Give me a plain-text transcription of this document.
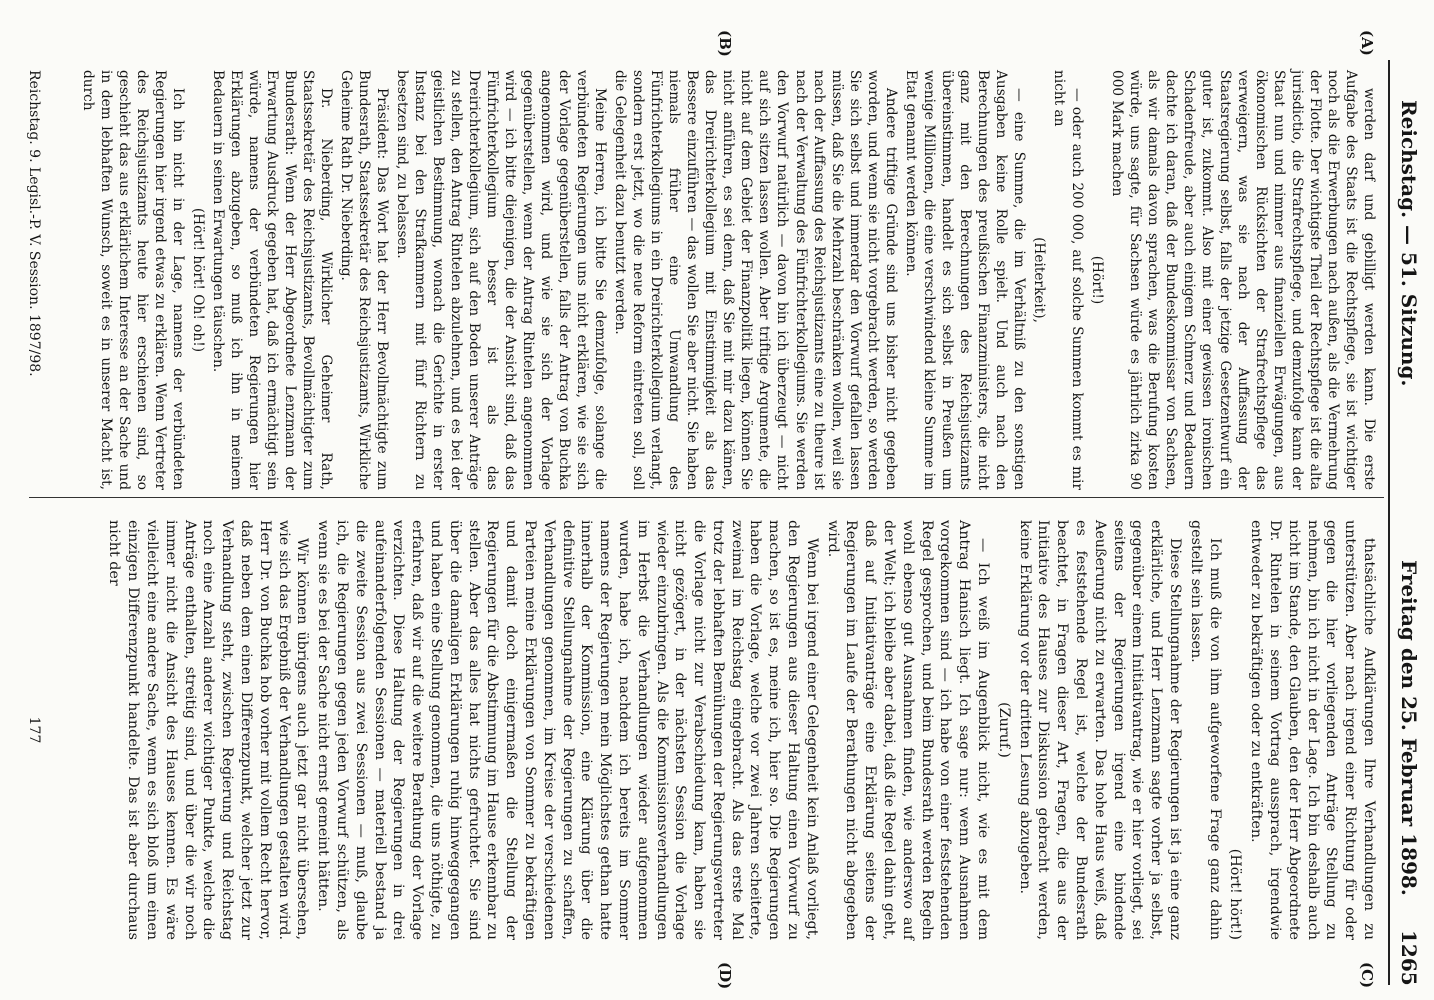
Reichstag. — 51. Sitzung.
Freitag den 25. Februar 1898.
1265
(A)
(B)
(C)
(D)

werden darf und gebilligt werden kann. Die erste Aufgabe des Staats ist die Rechtspflege, sie ist wichtiger noch als die Erwerbungen nach außen, als die Vermehrung der Flotte. Der wichtigste Theil der Rechtspflege ist die alta jurisdictio, die Strafrechtspflege, und demzufolge kann der Staat nun und nimmer aus finanziellen Erwägungen, aus ökonomischen Rücksichten der Strafrechtspflege das verweigern, was sie nach der Auffassung der Staatsregierung selbst, falls der jetzige Gesetzentwurf ein guter ist, zukommt. Also mit einer gewissen ironischen Schadenfreude, aber auch einigem Schmerz und Bedauern dachte ich daran, daß der Bundeskommissar von Sachsen, als wir damals davon sprachen, was die Berufung kosten würde, uns sagte, für Sachsen würde es jährlich zirka 90 000 Mark machen

(Hört!)

— oder auch 200 000, auf solche Summen kommt es mir nicht an

(Heiterkeit),

— eine Summe, die im Verhältniß zu den sonstigen Ausgaben keine Rolle spielt. Und auch nach den Berechnungen des preußischen Finanzministers, die nicht ganz mit den Berechnungen des Reichsjustizamts übereinstimmen, handelt es sich selbst in Preußen um wenige Millionen, die eine verschwindend kleine Summe im Etat genannt werden können.

Andere triftige Gründe sind uns bisher nicht gegeben worden, und wenn sie nicht vorgebracht werden, so werden Sie sich selbst und immerdar den Vorwurf gefallen lassen müssen, daß Sie die Mehrzahl beschränken wollen, weil sie nach der Auffassung des Reichsjustizamts eine zu theure ist nach der Verwaltung des Fünfrichterkollegiums. Sie werden den Vorwurf natürlich — davon bin ich überzeugt — nicht auf sich sitzen lassen wollen. Aber triftige Argumente, die nicht auf dem Gebiet der Finanzpolitik liegen, können Sie nicht anführen, es sei denn, daß Sie mit mir dazu kämen, das Dreirichterkollegium mit Einstimmigkeit als das Bessere einzuführen — das wollen Sie aber nicht. Sie haben niemals früher eine Umwandlung des Fünfrichterkollegiums in ein Dreirichterkollegium verlangt, sondern erst jetzt, wo die neue Reform eintreten soll, soll die Gelegenheit dazu benutzt werden.

Meine Herren, ich bitte Sie demzufolge, solange die verbündeten Regierungen uns nicht erklären, wie sie sich der Vorlage gegenüberstellen, falls der Antrag von Buchka angenommen wird, und wie sie sich der Vorlage gegenüberstellen, wenn der Antrag Rintelen angenommen wird — ich bitte diejenigen, die der Ansicht sind, daß das Fünfrichterkollegium besser ist als das Dreirichterkollegium, sich auf den Boden unserer Anträge zu stellen, den Antrag Rintelen abzulehnen, und es bei der geistlichen Bestimmung, wonach die Gerichte in erster Instanz bei den Strafkammern mit fünf Richtern zu besetzen sind, zu belassen.

Präsident: Das Wort hat der Herr Bevollmächtigte zum Bundesrath, Staatssekretär des Reichsjustizamts, Wirkliche Geheime Rath Dr. Nieberding.

Dr. Nieberding, Wirklicher Geheimer Rath, Staatssekretär des Reichsjustizamts, Bevollmächtigter zum Bundesrath: Wenn der Herr Abgeordnete Lenzmann der Erwartung Ausdruck gegeben hat, daß ich ermächtigt sein würde, namens der verbündeten Regierungen hier Erklärungen abzugeben, so muß ich ihn in meinem Bedauern in seinen Erwartungen täuschen.

(Hört! hört! Oh! oh!)

Ich bin nicht in der Lage, namens der verbündeten Regierungen hier irgend etwas zu erklären. Wenn Vertreter des Reichsjustizamts heute hier erschienen sind, so geschieht das aus erklärlichem Interesse an der Sache und in dem lebhaften Wunsch, soweit es in unserer Macht ist, durch

thatsächliche Aufklärungen Ihre Verhandlungen zu unterstützen. Aber nach irgend einer Richtung für oder gegen die hier vorliegenden Anträge Stellung zu nehmen, bin ich nicht in der Lage. Ich bin deshalb auch nicht im Stande, den Glauben, den der Herr Abgeordnete Dr. Rintelen in seinem Vortrag aussprach, irgendwie entweder zu bekräftigen oder zu entkräften.

(Hört! hört!)

Ich muß die von ihm aufgeworfene Frage ganz dahin gestellt sein lassen.

Diese Stellungnahme der Regierungen ist ja eine ganz erklärliche, und Herr Lenzmann sagte vorher ja selbst, gegenüber einem Initiativantrag, wie er hier vorliegt, sei seitens der Regierungen irgend eine bindende Aeußerung nicht zu erwarten. Das hohe Haus weiß, daß es feststehende Regel ist, welche der Bundesrath beachtet, in Fragen dieser Art, Fragen, die aus der Initiative des Hauses zur Diskussion gebracht werden, keine Erklärung vor der dritten Lesung abzugeben.

(Zuruf.)

— Ich weiß im Augenblick nicht, wie es mit dem Antrag Hanisch liegt. Ich sage nur: wenn Ausnahmen vorgekommen sind — ich habe von einer feststehenden Regel gesprochen, und beim Bundesrath werden Regeln wohl ebenso gut Ausnahmen finden, wie anderswo auf der Welt; ich bleibe aber dabei, daß die Regel dahin geht, daß auf Initiativanträge eine Erklärung seitens der Regierungen im Laufe der Berathungen nicht abgegeben wird.

Wenn bei irgend einer Gelegenheit kein Anlaß vorliegt, den Regierungen aus dieser Haltung einen Vorwurf zu machen, so ist es, meine ich, hier so. Die Regierungen haben die Vorlage, welche vor zwei Jahren scheiterte, zweimal im Reichstag eingebracht. Als das erste Mal trotz der lebhaften Bemühungen der Regierungsvertreter die Vorlage nicht zur Verabschiedung kam, haben sie nicht gezögert, in der nächsten Session die Vorlage wieder einzubringen. Als die Kommissionsverhandlungen im Herbst die Verhandlungen wieder aufgenommen wurden, habe ich, nachdem ich bereits im Sommer namens der Regierungen mein Möglichstes gethan hatte innerhalb der Kommission, eine Klärung über die definitive Stellungnahme der Regierungen zu schaffen, Verhandlungen genommen, im Kreise der verschiedenen Parteien meine Erklärungen von Sommer zu bekräftigen und damit doch einigermaßen die Stellung der Regierungen für die Abstimmung im Hause erkennbar zu stellen. Aber das alles hat nichts gefruchtet. Sie sind über die damaligen Erklärungen ruhig hinweggegangen und haben eine Stellung genommen, die uns nöthigte, zu erfahren, daß wir auf die weitere Berathung der Vorlage verzichten. Diese Haltung der Regierungen in drei aufeinanderfolgenden Sessionen — materiell bestand ja die zweite Session aus zwei Sessionen — muß, glaube ich, die Regierungen gegen jeden Vorwurf schützen, als wenn sie es bei der Sache nicht ernst gemeint hätten.

Wir können übrigens auch jetzt gar nicht übersehen, wie sich das Ergebniß der Verhandlungen gestalten wird. Herr Dr. von Buchka hob vorher mit vollem Recht hervor, daß neben dem einen Differenzpunkt, welcher jetzt zur Verhandlung steht, zwischen Regierung und Reichstag noch eine Anzahl anderer wichtiger Punkte, welche die Anträge enthalten, streitig sind, und über die wir noch immer nicht die Ansicht des Hauses kennen. Es wäre vielleicht eine andere Sache, wenn es sich bloß um einen einzigen Differenzpunkt handelte. Das ist aber durchaus nicht der

Reichstag. 9. Legisl.-P. V. Session. 1897/98.
177
